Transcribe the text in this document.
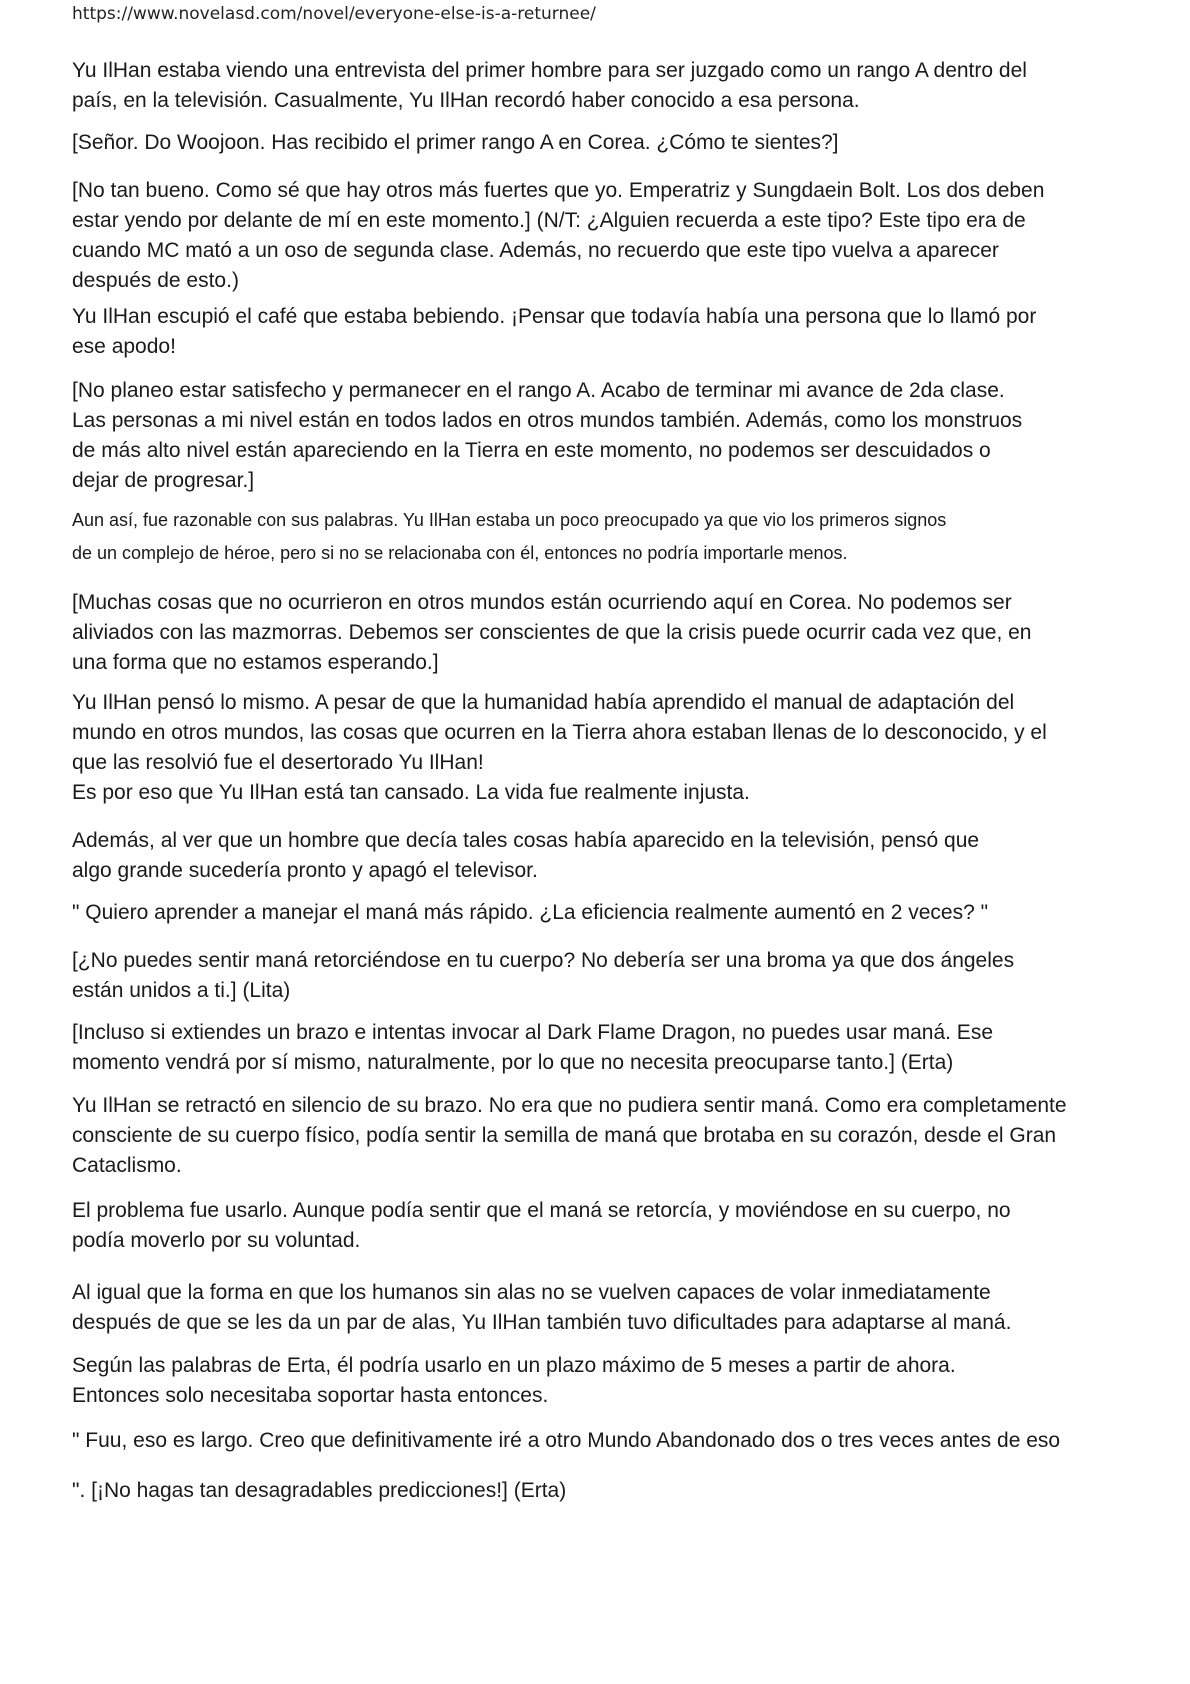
https://www.novelasd.com/novel/everyone-else-is-a-returnee/

Yu IlHan estaba viendo una entrevista del primer hombre para ser juzgado como un rango A dentro del
país, en la televisión. Casualmente, Yu IlHan recordó haber conocido a esa persona.

[Señor. Do Woojoon. Has recibido el primer rango A en Corea. ¿Cómo te sientes?]

[No tan bueno. Como sé que hay otros más fuertes que yo. Emperatriz y Sungdaein Bolt. Los dos deben
estar yendo por delante de mí en este momento.] (N/T: ¿Alguien recuerda a este tipo? Este tipo era de
cuando MC mató a un oso de segunda clase. Además, no recuerdo que este tipo vuelva a aparecer
después de esto.)

Yu IlHan escupió el café que estaba bebiendo. ¡Pensar que todavía había una persona que lo llamó por
ese apodo!

[No planeo estar satisfecho y permanecer en el rango A. Acabo de terminar mi avance de 2da clase.
Las personas a mi nivel están en todos lados en otros mundos también. Además, como los monstruos
de más alto nivel están apareciendo en la Tierra en este momento, no podemos ser descuidados o
dejar de progresar.]

Aun así, fue razonable con sus palabras. Yu IlHan estaba un poco preocupado ya que vio los primeros signos
de un complejo de héroe, pero si no se relacionaba con él, entonces no podría importarle menos.

[Muchas cosas que no ocurrieron en otros mundos están ocurriendo aquí en Corea. No podemos ser
aliviados con las mazmorras. Debemos ser conscientes de que la crisis puede ocurrir cada vez que, en
una forma que no estamos esperando.]

Yu IlHan pensó lo mismo. A pesar de que la humanidad había aprendido el manual de adaptación del
mundo en otros mundos, las cosas que ocurren en la Tierra ahora estaban llenas de lo desconocido, y el
que las resolvió fue el desertorado Yu IlHan!

Es por eso que Yu IlHan está tan cansado. La vida fue realmente injusta.

Además, al ver que un hombre que decía tales cosas había aparecido en la televisión, pensó que
algo grande sucedería pronto y apagó el televisor.

" Quiero aprender a manejar el maná más rápido. ¿La eficiencia realmente aumentó en 2 veces? "

[¿No puedes sentir maná retorciéndose en tu cuerpo? No debería ser una broma ya que dos ángeles
están unidos a ti.] (Lita)

[Incluso si extiendes un brazo e intentas invocar al Dark Flame Dragon, no puedes usar maná. Ese
momento vendrá por sí mismo, naturalmente, por lo que no necesita preocuparse tanto.] (Erta)

Yu IlHan se retractó en silencio de su brazo. No era que no pudiera sentir maná. Como era completamente
consciente de su cuerpo físico, podía sentir la semilla de maná que brotaba en su corazón, desde el Gran
Cataclismo.

El problema fue usarlo. Aunque podía sentir que el maná se retorcía, y moviéndose en su cuerpo, no
podía moverlo por su voluntad.

Al igual que la forma en que los humanos sin alas no se vuelven capaces de volar inmediatamente
después de que se les da un par de alas, Yu IlHan también tuvo dificultades para adaptarse al maná.

Según las palabras de Erta, él podría usarlo en un plazo máximo de 5 meses a partir de ahora.
Entonces solo necesitaba soportar hasta entonces.

" Fuu, eso es largo. Creo que definitivamente iré a otro Mundo Abandonado dos o tres veces antes de eso

". [¡No hagas tan desagradables predicciones!] (Erta)
